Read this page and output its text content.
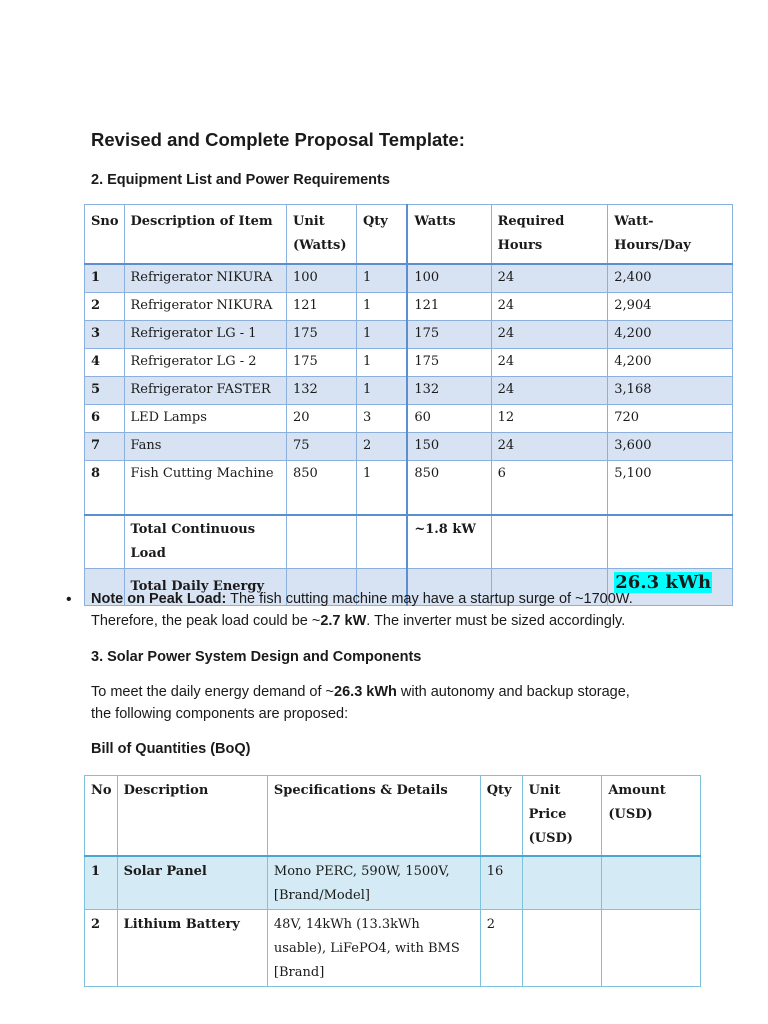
Revised and Complete Proposal Template:
2. Equipment List and Power Requirements
Sno	Description of Item	Unit (Watts)	Qty	Watts	Required Hours	Watt-Hours/Day
1	Refrigerator NIKURA	100	1	100	24	2,400
2	Refrigerator NIKURA	121	1	121	24	2,904
3	Refrigerator LG - 1	175	1	175	24	4,200
4	Refrigerator LG - 2	175	1	175	24	4,200
5	Refrigerator FASTER	132	1	132	24	3,168
6	LED Lamps	20	3	60	12	720
7	Fans	75	2	150	24	3,600
8	Fish Cutting Machine	850	1	850	6	5,100
	Total Continuous Load			~1.8 kW		
	Total Daily Energy					26.3 kWh
• Note on Peak Load: The fish cutting machine may have a startup surge of ~1700W.
Therefore, the peak load could be ~2.7 kW. The inverter must be sized accordingly.

3. Solar Power System Design and Components

To meet the daily energy demand of ~26.3 kWh with autonomy and backup storage,
the following components are proposed:

Bill of Quantities (BoQ)
No	Description	Specifications & Details	Qty	Unit Price (USD)	Amount (USD)
1	Solar Panel	Mono PERC, 590W, 1500V, [Brand/Model]	16		
2	Lithium Battery	48V, 14kWh (13.3kWh usable), LiFePO4, with BMS [Brand]	2		
